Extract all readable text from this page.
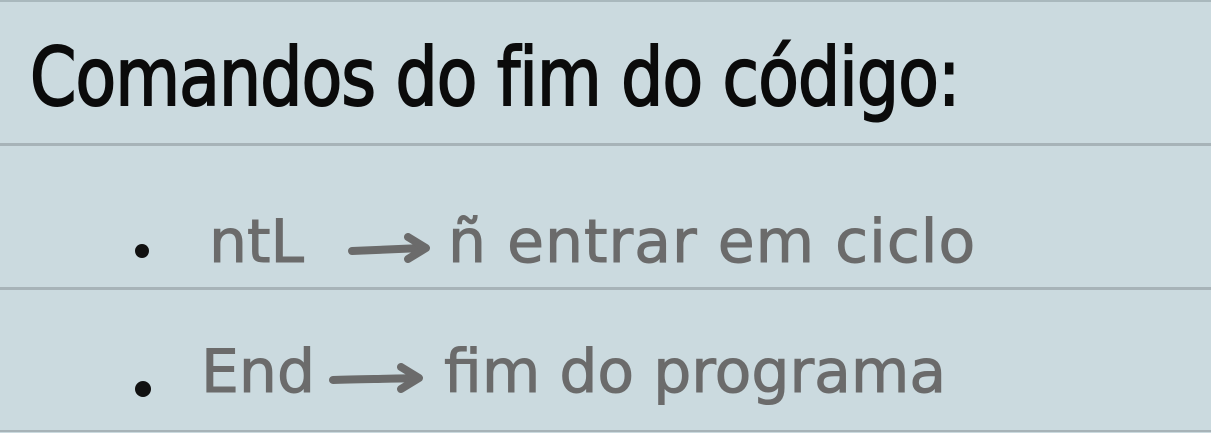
Comandos do fim do código:
ntL ñ entrar em ciclo
End fim do programa
